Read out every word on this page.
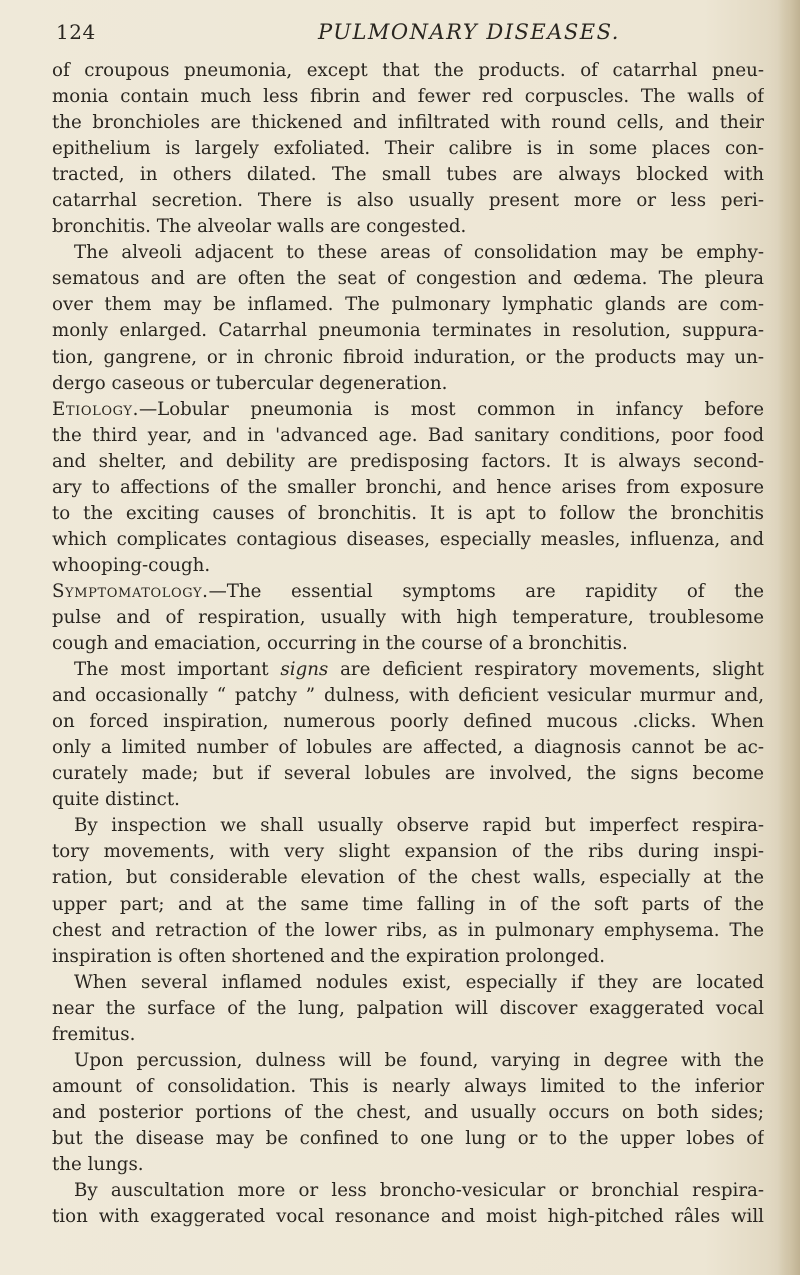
124	PULMONARY DISEASES.
of croupous pneumonia, except that the products. of catarrhal pneu-
monia contain much less fibrin and fewer red corpuscles. The walls of
the bronchioles are thickened and infiltrated with round cells, and their
epithelium is largely exfoliated. Their calibre is in some places con-
tracted, in others dilated. The small tubes are always blocked with
catarrhal secretion. There is also usually present more or less peri-
bronchitis. The alveolar walls are congested.
The alveoli adjacent to these areas of consolidation may be emphy-
sematous and are often the seat of congestion and œdema. The pleura
over them may be inflamed. The pulmonary lymphatic glands are com-
monly enlarged. Catarrhal pneumonia terminates in resolution, suppura-
tion, gangrene, or in chronic fibroid induration, or the products may un-
dergo caseous or tubercular degeneration.
Etiology.—Lobular pneumonia is most common in infancy before
the third year, and in 'advanced age. Bad sanitary conditions, poor food
and shelter, and debility are predisposing factors. It is always second-
ary to affections of the smaller bronchi, and hence arises from exposure
to the exciting causes of bronchitis. It is apt to follow the bronchitis
which complicates contagious diseases, especially measles, influenza, and
whooping-cough.
Symptomatology.—The essential symptoms are rapidity of the
pulse and of respiration, usually with high temperature, troublesome
cough and emaciation, occurring in the course of a bronchitis.
The most important signs are deficient respiratory movements, slight
and occasionally “ patchy ” dulness, with deficient vesicular murmur and,
on forced inspiration, numerous poorly defined mucous .clicks. When
only a limited number of lobules are affected, a diagnosis cannot be ac-
curately made; but if several lobules are involved, the signs become
quite distinct.
By inspection we shall usually observe rapid but imperfect respira-
tory movements, with very slight expansion of the ribs during inspi-
ration, but considerable elevation of the chest walls, especially at the
upper part; and at the same time falling in of the soft parts of the
chest and retraction of the lower ribs, as in pulmonary emphysema. The
inspiration is often shortened and the expiration prolonged.
When several inflamed nodules exist, especially if they are located
near the surface of the lung, palpation will discover exaggerated vocal
fremitus.
Upon percussion, dulness will be found, varying in degree with the
amount of consolidation. This is nearly always limited to the inferior
and posterior portions of the chest, and usually occurs on both sides;
but the disease may be confined to one lung or to the upper lobes of
the lungs.
By auscultation more or less broncho-vesicular or bronchial respira-
tion with exaggerated vocal resonance and moist high-pitched râles will
